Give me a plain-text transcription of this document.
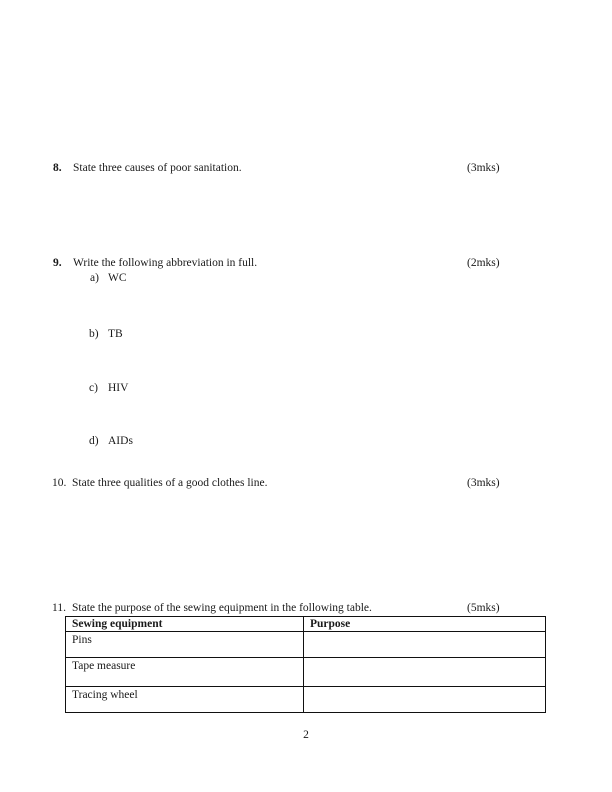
8. State three causes of poor sanitation.	(3mks)
9. Write the following abbreviation in full.	(2mks)
a) WC
b) TB
c) HIV
d) AIDs
10. State three qualities of a good clothes line.	(3mks)
11. State the purpose of the sewing equipment in the following table.	(5mks)
Sewing equipment	Purpose
Pins	
Tape measure	
Tracing wheel	
2
